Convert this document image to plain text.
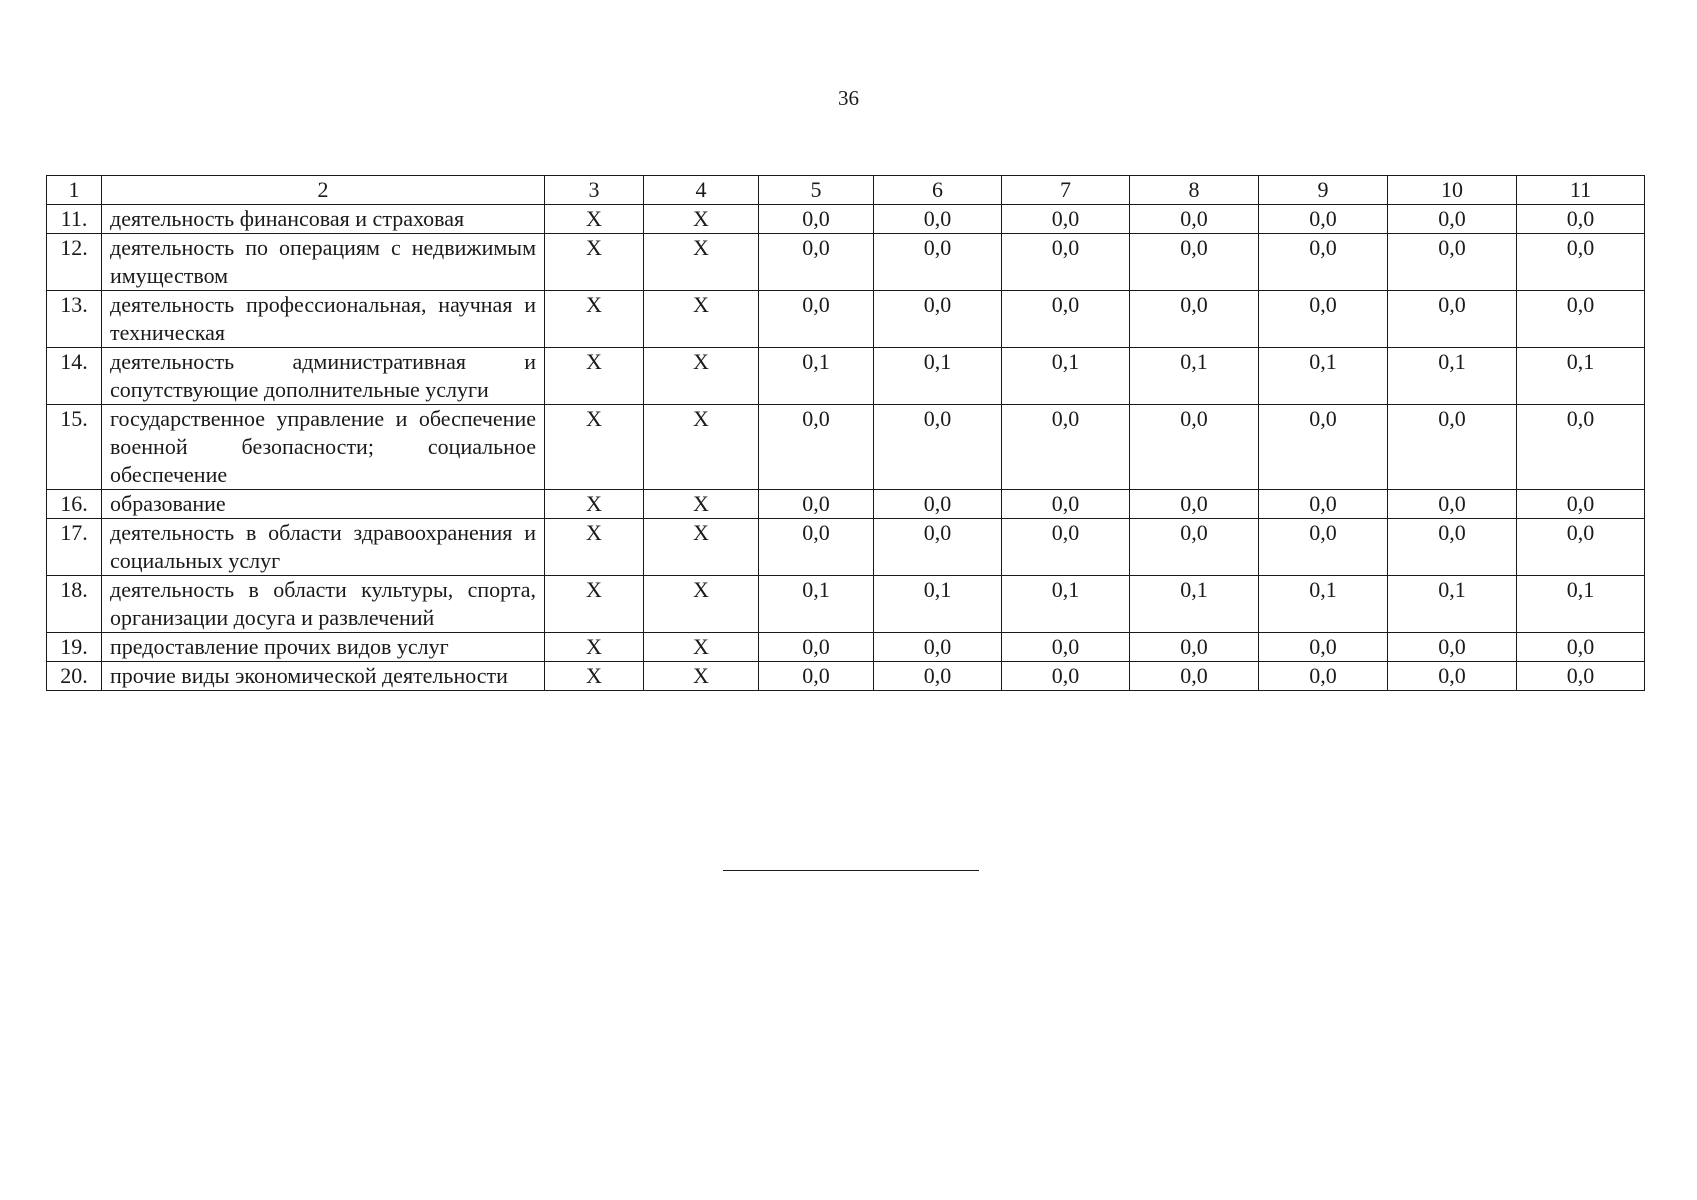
36
1	2	3	4	5	6	7	8	9	10	11
11.	деятельность финансовая и страховая	Х	Х	0,0	0,0	0,0	0,0	0,0	0,0	0,0
12.	деятельность по операциям с недвижимым имуществом	Х	Х	0,0	0,0	0,0	0,0	0,0	0,0	0,0
13.	деятельность профессиональная, научная и техническая	Х	Х	0,0	0,0	0,0	0,0	0,0	0,0	0,0
14.	деятельность административная и сопутствующие дополнительные услуги	Х	Х	0,1	0,1	0,1	0,1	0,1	0,1	0,1
15.	государственное управление и обеспечение военной безопасности; социальное обеспечение	Х	Х	0,0	0,0	0,0	0,0	0,0	0,0	0,0
16.	образование	Х	Х	0,0	0,0	0,0	0,0	0,0	0,0	0,0
17.	деятельность в области здравоохранения и социальных услуг	Х	Х	0,0	0,0	0,0	0,0	0,0	0,0	0,0
18.	деятельность в области культуры, спорта, организации досуга и развлечений	Х	Х	0,1	0,1	0,1	0,1	0,1	0,1	0,1
19.	предоставление прочих видов услуг	Х	Х	0,0	0,0	0,0	0,0	0,0	0,0	0,0
20.	прочие виды экономической деятельности	Х	Х	0,0	0,0	0,0	0,0	0,0	0,0	0,0
